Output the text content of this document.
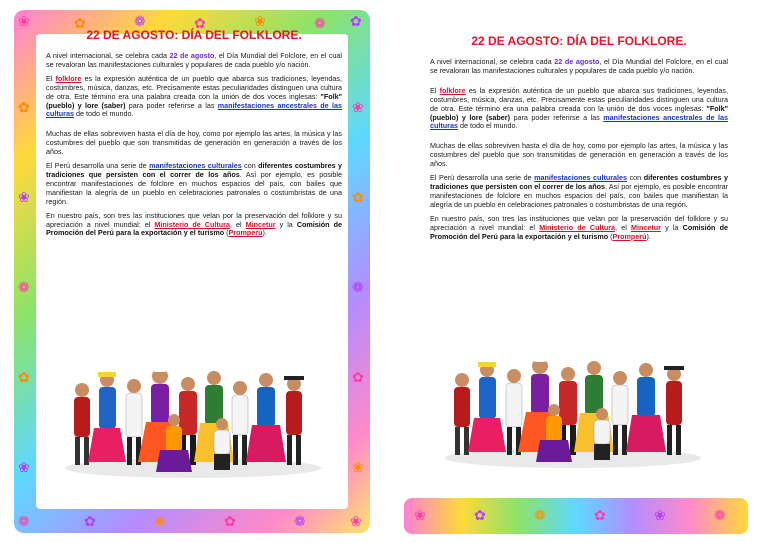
❀	✿	❁	✿	❀	❁ ✿
✿
❀
❁
✿
❀
❀
✿
❁
✿
❀
❁	✿	❀	✿	❁	❀

22 DE AGOSTO: DÍA DEL FOLKLORE.

A nivel internacional, se celebra cada 22 de agosto, el Día Mundial del Folclore, en el cual se revaloran las manifestaciones culturales y populares de cada pueblo y/o nación.

El folklore es la expresión auténtica de un pueblo que abarca sus tradiciones, leyendas, costumbres, música, danzas, etc. Precisamente estas peculiaridades distinguen una cultura de otra. Este término era una palabra creada con la unión de dos voces inglesas: "Folk" (pueblo) y lore (saber) para poder referirse a las manifestaciones ancestrales de las culturas de todo el mundo.

Muchas de ellas sobreviven hasta el día de hoy, como por ejemplo las artes, la música y las costumbres del pueblo que son transmitidas de generación en generación a través de los años.

El Perú desarrolla una serie de manifestaciones culturales con diferentes costumbres y tradiciones que persisten con el correr de los años. Así por ejemplo, es posible encontrar manifestaciones de folclore en muchos espacios del país, con bailes que manifiestan la alegría de un pueblo en celebraciones patronales o costumbristas de una región.

En nuestro país, son tres las instituciones que velan por la preservación del folklore y su apreciación a nivel mundial: el Ministerio de Cultura, el Mincetur y la Comisión de Promoción del Perú para la exportación y el turismo (Promperú).

22 DE AGOSTO: DÍA DEL FOLKLORE.

A nivel internacional, se celebra cada 22 de agosto, el Día Mundial del Folclore, en el cual se revaloran las manifestaciones culturales y populares de cada pueblo y/o nación.

El folklore es la expresión auténtica de un pueblo que abarca sus tradiciones, leyendas, costumbres, música, danzas, etc. Precisamente estas peculiaridades distinguen una cultura de otra. Este término era una palabra creada con la unión de dos voces inglesas: "Folk" (pueblo) y lore (saber) para poder referirse a las manifestaciones ancestrales de las culturas de todo el mundo.

Muchas de ellas sobreviven hasta el día de hoy, como por ejemplo las artes, la música y las costumbres del pueblo que son transmitidas de generación en generación a través de los años.

El Perú desarrolla una serie de manifestaciones culturales con diferentes costumbres y tradiciones que persisten con el correr de los años. Así por ejemplo, es posible encontrar manifestaciones de folclore en muchos espacios del país, con bailes que manifiestan la alegría de un pueblo en celebraciones patronales o costumbristas de una región.

En nuestro país, son tres las instituciones que velan por la preservación del folklore y su apreciación a nivel mundial: el Ministerio de Cultura, el Mincetur y la Comisión de Promoción del Perú para la exportación y el turismo (Promperú).

❀	✿	❁	✿	❀	❁
